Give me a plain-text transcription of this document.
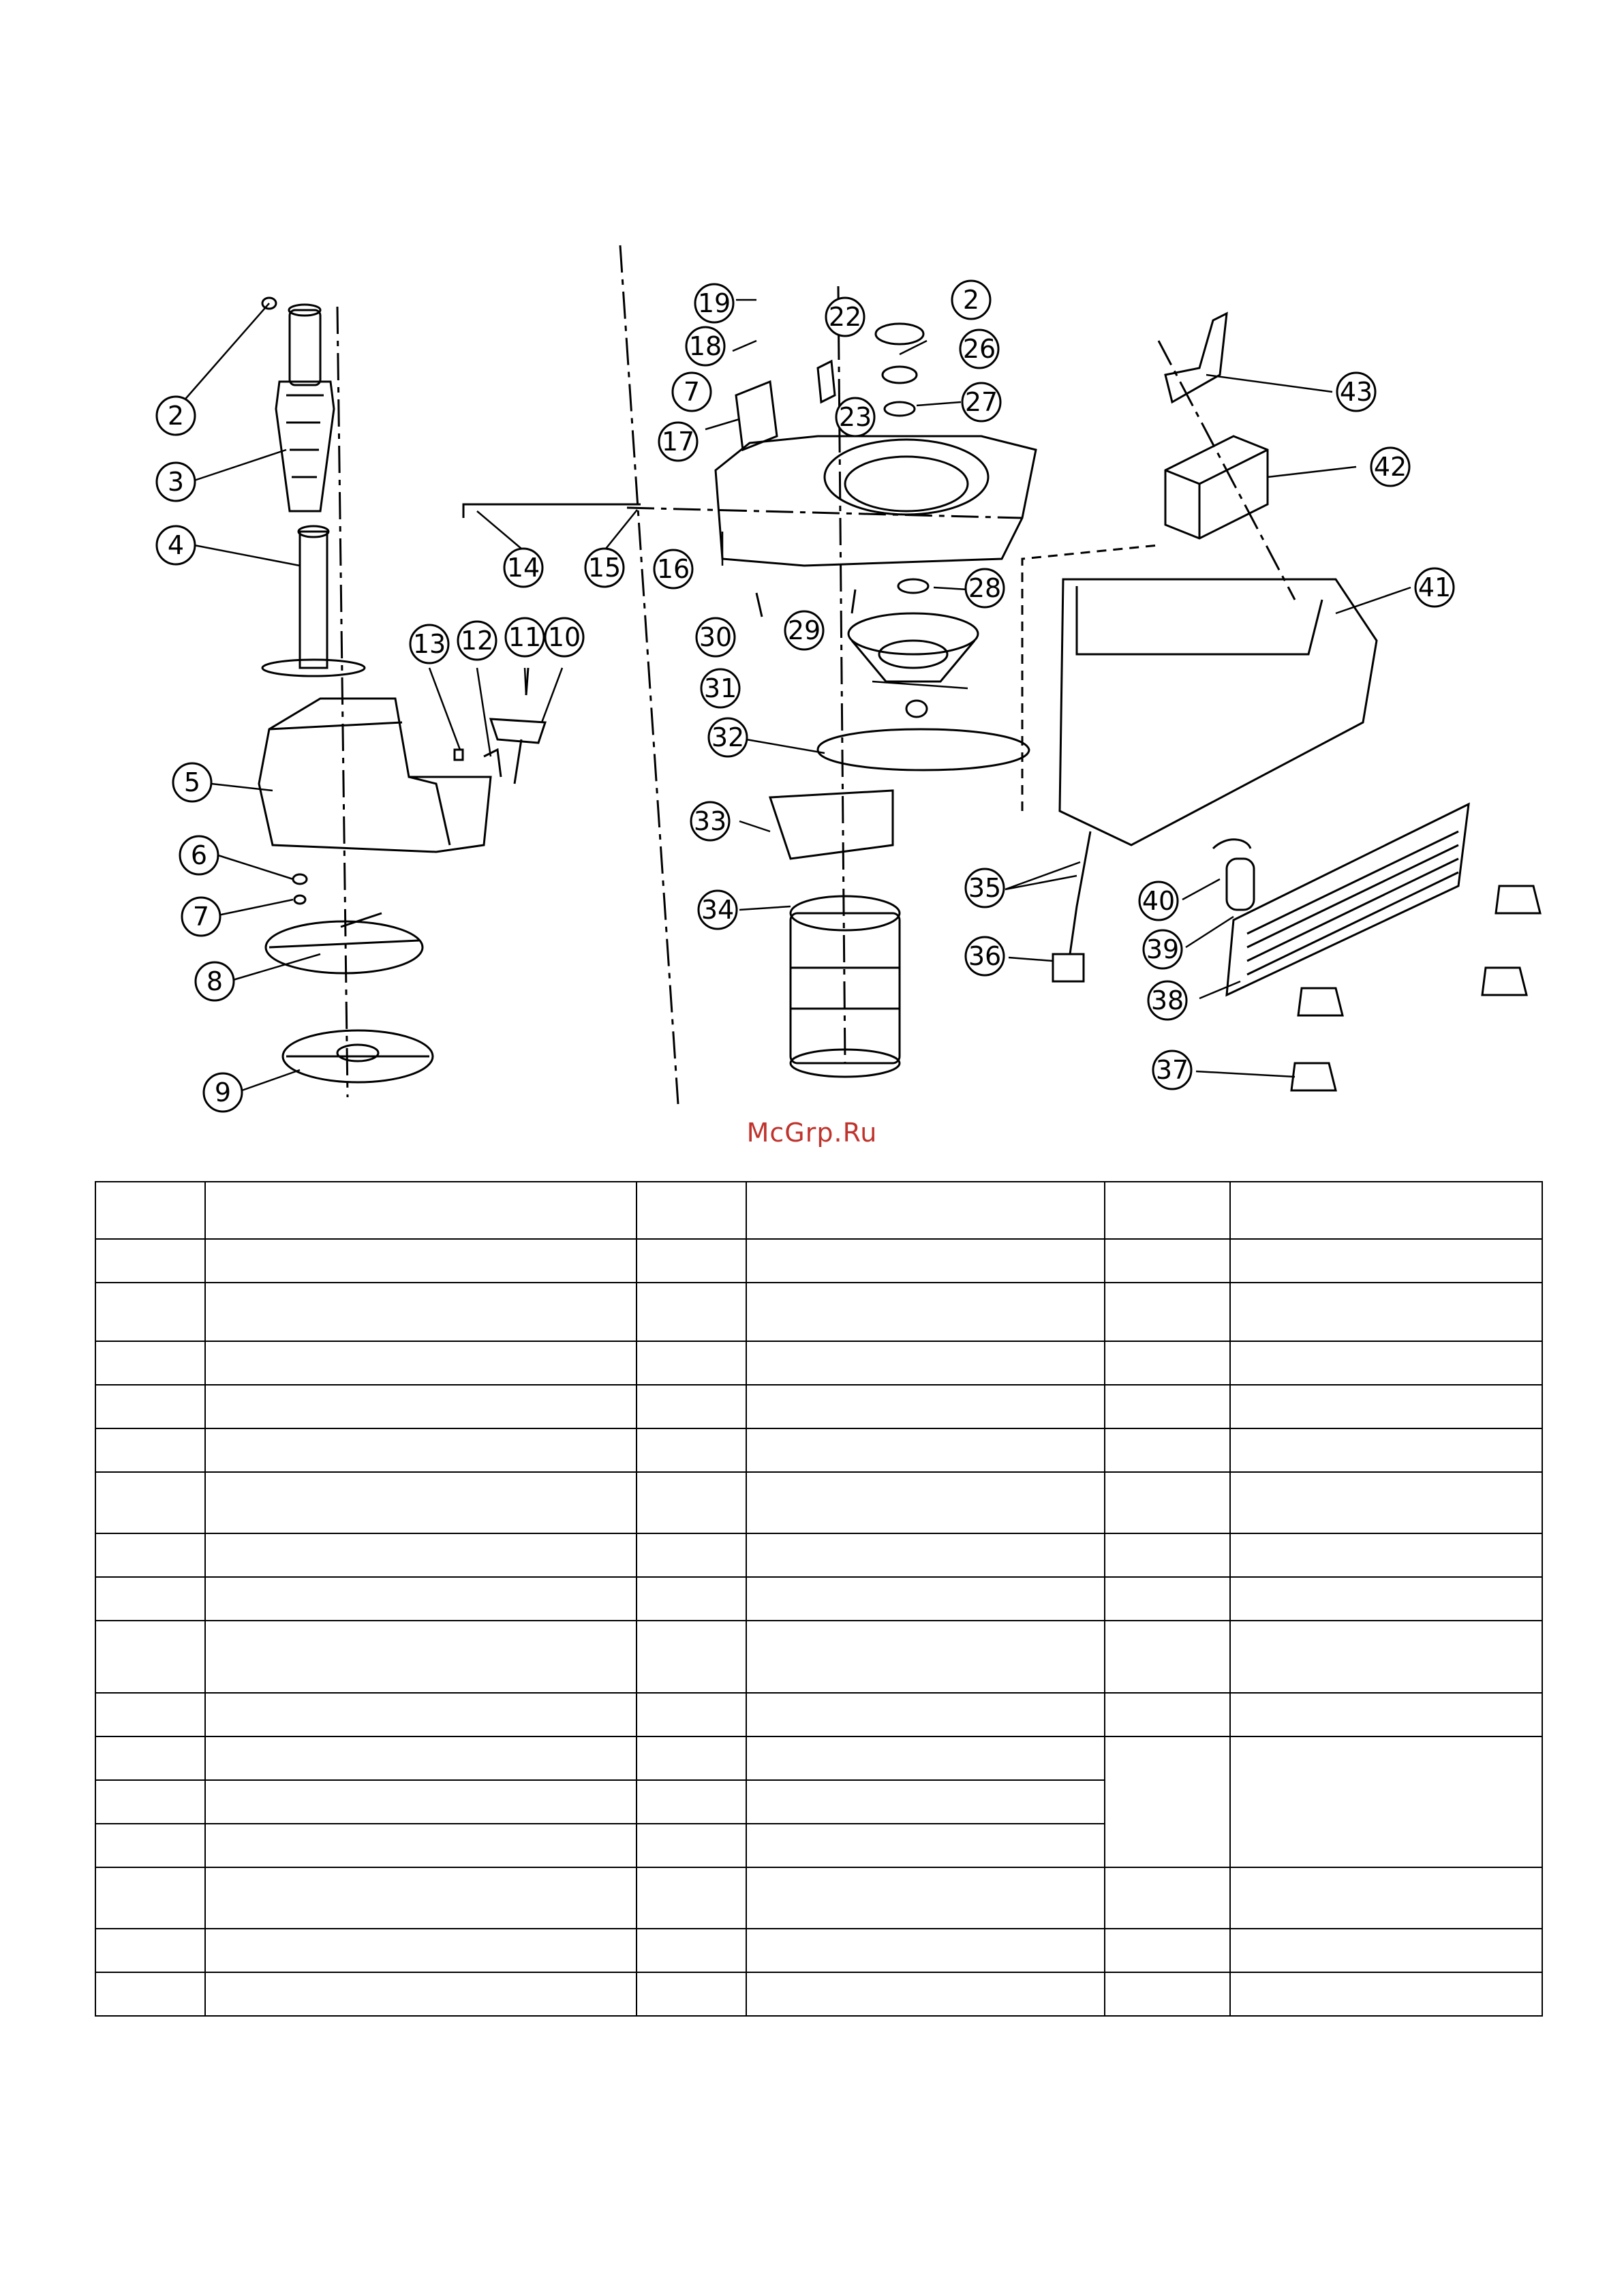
McGrp.Ru
2
3
4
5
6
7
8
9
10
11
12
13
14 15 16
17
7
18
19	22
23
2
26
27
28
29
30
31
32
33
34
35
36
37
38
39
40
41
42
43
